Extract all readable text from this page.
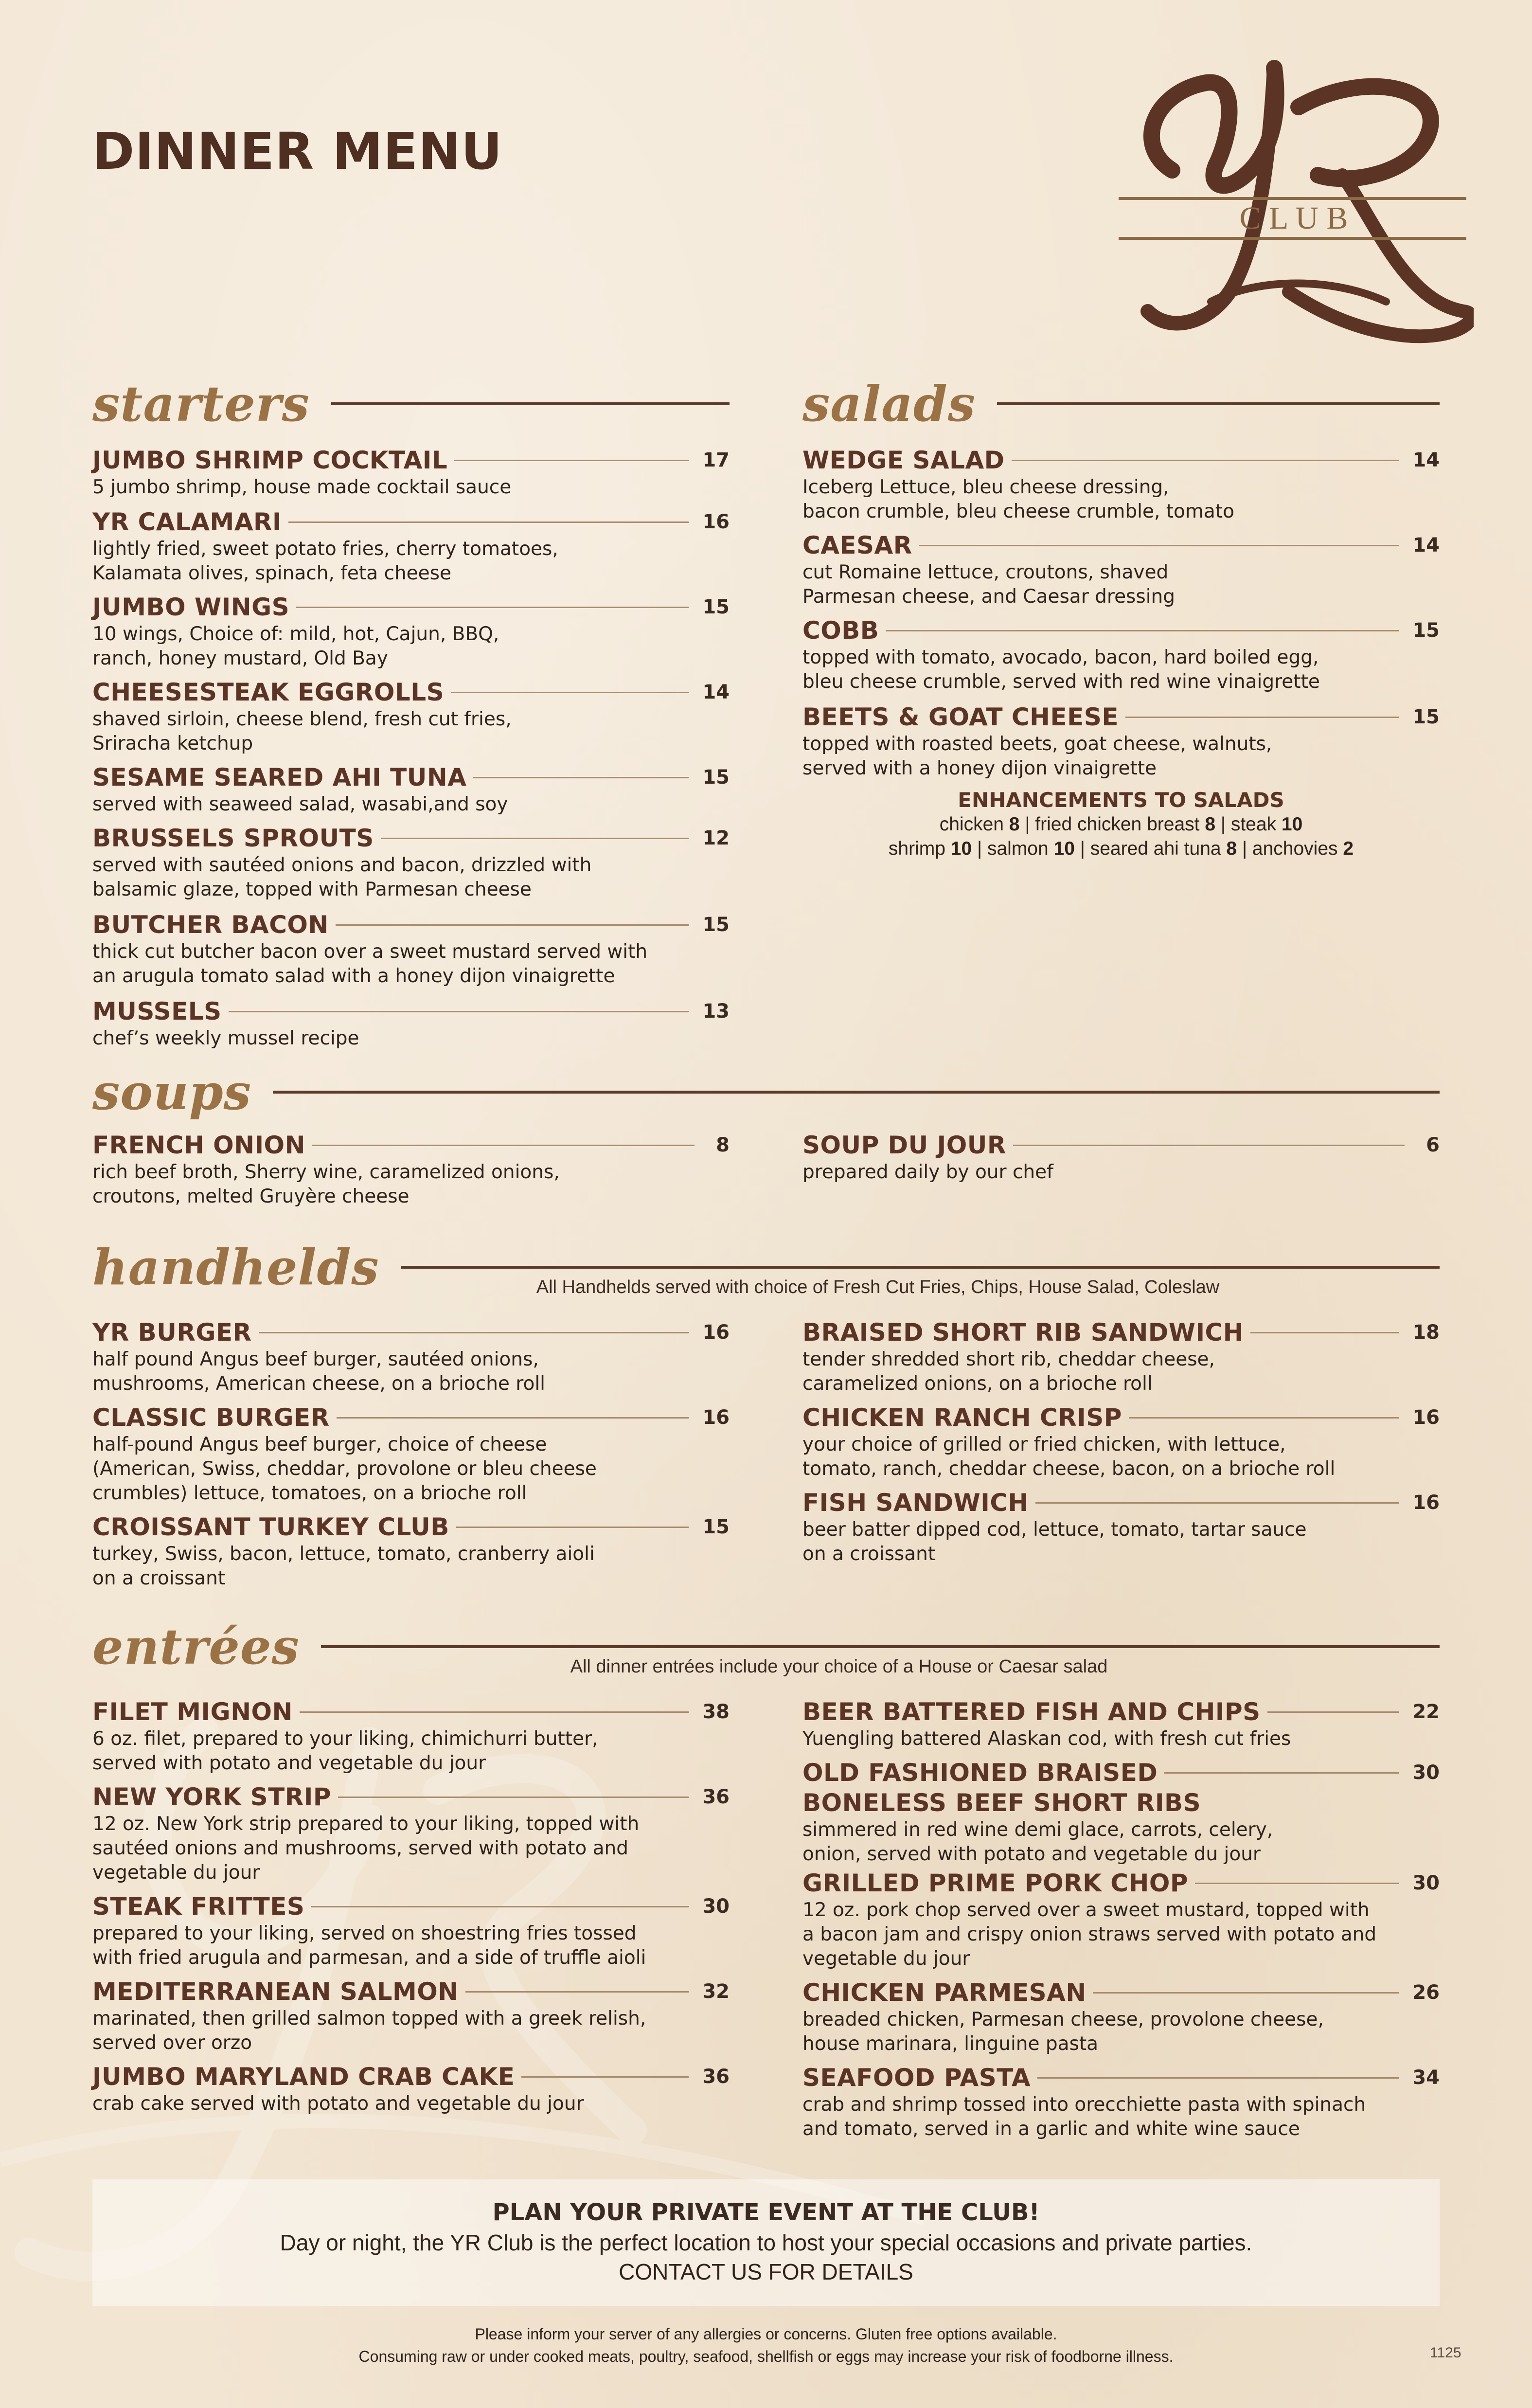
DINNER MENU
C L U B
starters
JUMBO SHRIMP COCKTAIL	17
5 jumbo shrimp, house made cocktail sauce
YR CALAMARI	16
lightly fried, sweet potato fries, cherry tomatoes,
Kalamata olives, spinach, feta cheese
JUMBO WINGS	15
10 wings, Choice of: mild, hot, Cajun, BBQ,
ranch, honey mustard, Old Bay
CHEESESTEAK EGGROLLS	14
shaved sirloin, cheese blend, fresh cut fries,
Sriracha ketchup
SESAME SEARED AHI TUNA	15
served with seaweed salad, wasabi,and soy
BRUSSELS SPROUTS	12
served with sautéed onions and bacon, drizzled with
balsamic glaze, topped with Parmesan cheese
BUTCHER BACON	15
thick cut butcher bacon over a sweet mustard served with
an arugula tomato salad with a honey dijon vinaigrette
MUSSELS	13
chef’s weekly mussel recipe
salads
WEDGE SALAD	14
Iceberg Lettuce, bleu cheese dressing,
bacon crumble, bleu cheese crumble, tomato
CAESAR	14
cut Romaine lettuce, croutons, shaved
Parmesan cheese, and Caesar dressing
COBB	15
topped with tomato, avocado, bacon, hard boiled egg,
bleu cheese crumble, served with red wine vinaigrette
BEETS & GOAT CHEESE	15
topped with roasted beets, goat cheese, walnuts,
served with a honey dijon vinaigrette
ENHANCEMENTS TO SALADS
chicken 8 | fried chicken breast 8 | steak 10
shrimp 10 | salmon 10 | seared ahi tuna 8 | anchovies 2
soups
FRENCH ONION	8
rich beef broth, Sherry wine, caramelized onions,
croutons, melted Gruyère cheese
SOUP DU JOUR	6
prepared daily by our chef
handhelds	All Handhelds served with choice of Fresh Cut Fries, Chips, House Salad, Coleslaw
YR BURGER	16
half pound Angus beef burger, sautéed onions,
mushrooms, American cheese, on a brioche roll
CLASSIC BURGER	16
half-pound Angus beef burger, choice of cheese
(American, Swiss, cheddar, provolone or bleu cheese
crumbles) lettuce, tomatoes, on a brioche roll
CROISSANT TURKEY CLUB	15
turkey, Swiss, bacon, lettuce, tomato, cranberry aioli
on a croissant
BRAISED SHORT RIB SANDWICH	18
tender shredded short rib, cheddar cheese,
caramelized onions, on a brioche roll
CHICKEN RANCH CRISP	16
your choice of grilled or fried chicken, with lettuce,
tomato, ranch, cheddar cheese, bacon, on a brioche roll
FISH SANDWICH	16
beer batter dipped cod, lettuce, tomato, tartar sauce
on a croissant
entrées	All dinner entrées include your choice of a House or Caesar salad
FILET MIGNON	38
6 oz. filet, prepared to your liking, chimichurri butter,
served with potato and vegetable du jour
NEW YORK STRIP	36
12 oz. New York strip prepared to your liking, topped with
sautéed onions and mushrooms, served with potato and
vegetable du jour
STEAK FRITTES	30
prepared to your liking, served on shoestring fries tossed
with fried arugula and parmesan, and a side of truffle aioli
MEDITERRANEAN SALMON	32
marinated, then grilled salmon topped with a greek relish,
served over orzo
JUMBO MARYLAND CRAB CAKE	36
crab cake served with potato and vegetable du jour
BEER BATTERED FISH AND CHIPS	22
Yuengling battered Alaskan cod, with fresh cut fries
OLD FASHIONED BRAISED	30
BONELESS BEEF SHORT RIBS
simmered in red wine demi glace, carrots, celery,
onion, served with potato and vegetable du jour
GRILLED PRIME PORK CHOP	30
12 oz. pork chop served over a sweet mustard, topped with
a bacon jam and crispy onion straws served with potato and
vegetable du jour
CHICKEN PARMESAN	26
breaded chicken, Parmesan cheese, provolone cheese,
house marinara, linguine pasta
SEAFOOD PASTA	34
crab and shrimp tossed into orecchiette pasta with spinach
and tomato, served in a garlic and white wine sauce
PLAN YOUR PRIVATE EVENT AT THE CLUB!
Day or night, the YR Club is the perfect location to host your special occasions and private parties.
CONTACT US FOR DETAILS
Please inform your server of any allergies or concerns. Gluten free options available.
Consuming raw or under cooked meats, poultry, seafood, shellfish or eggs may increase your risk of foodborne illness.	1125
